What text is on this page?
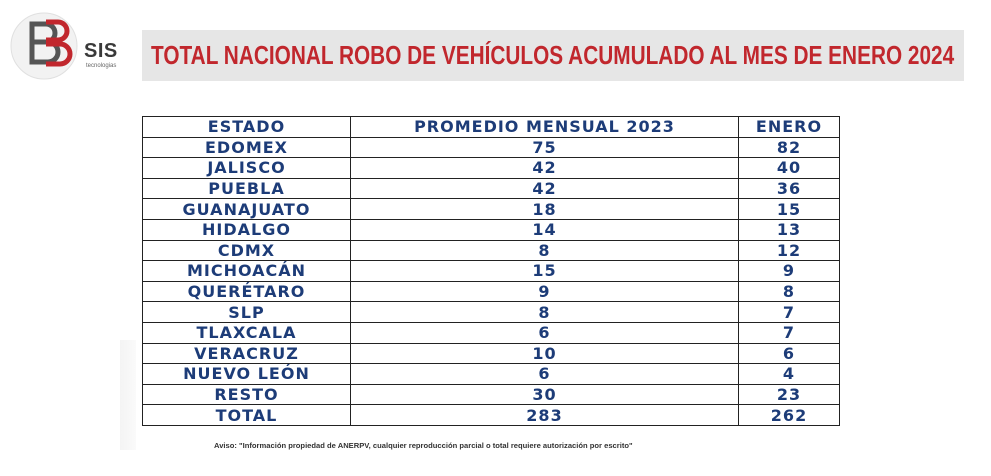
SIS
tecnologias TOTAL NACIONAL ROBO DE VEHÍCULOS ACUMULADO AL MES DE ENERO 2024
ESTADO	PROMEDIO MENSUAL 2023	ENERO
EDOMEX	75	82
JALISCO	42	40
PUEBLA	42	36
GUANAJUATO	18	15
HIDALGO	14	13
CDMX	8	12
MICHOACÁN	15	9
QUERÉTARO	9	8
SLP	8	7
TLAXCALA	6	7
VERACRUZ	10	6
NUEVO LEÓN	6	4
RESTO	30	23
TOTAL	283	262
Aviso: "Información propiedad de ANERPV, cualquier reproducción parcial o total requiere autorización por escrito"
